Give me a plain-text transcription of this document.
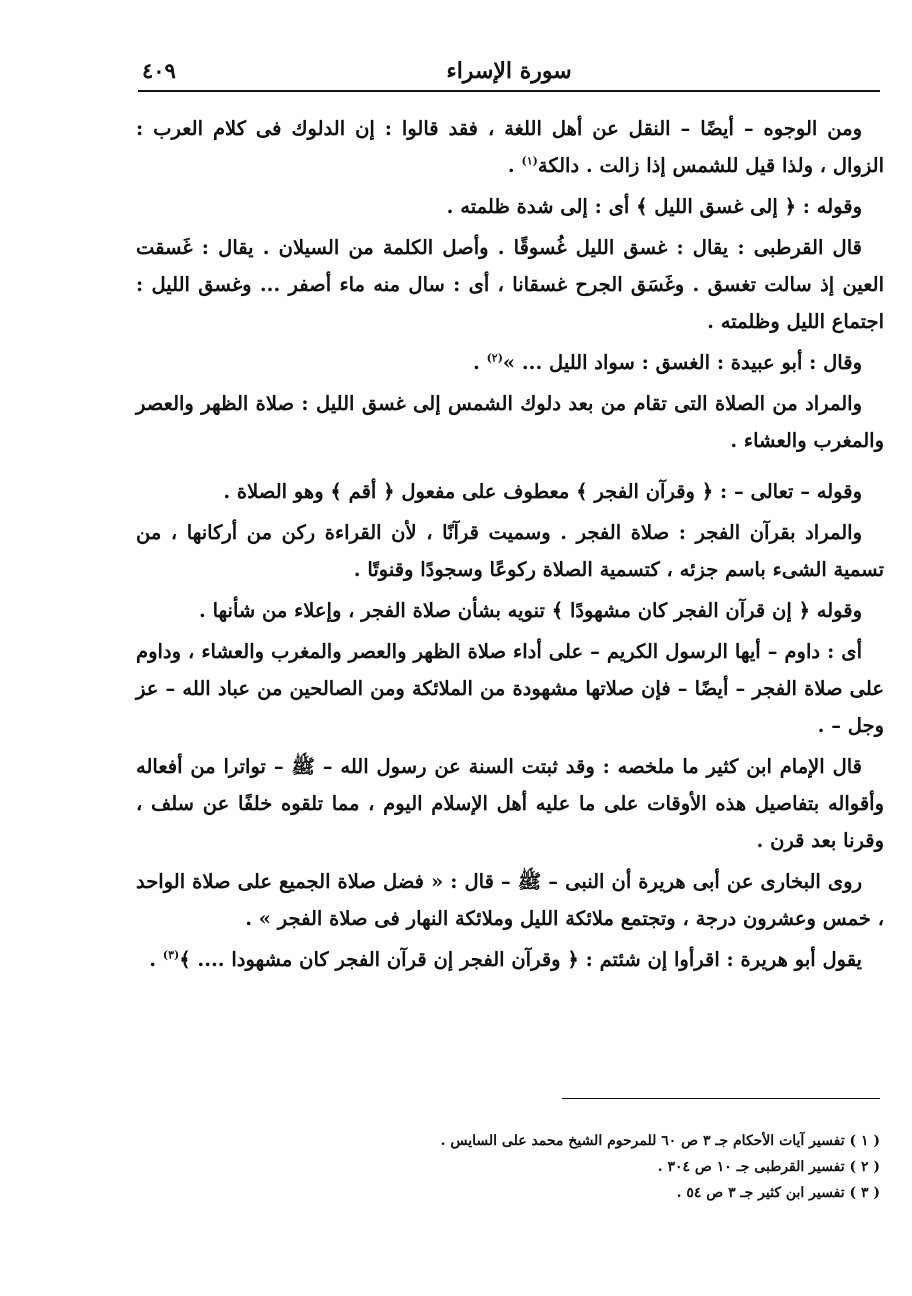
سورة الإسراء
٤٠٩

ومن الوجوه – أيضًا – النقل عن أهل اللغة ، فقد قالوا : إن الدلوك فى كلام العرب : الزوال ، ولذا قيل للشمس إذا زالت . دالكة$^{(١)}$ .

وقوله : ﴿ إلى غسق الليل ﴾ أى : إلى شدة ظلمته .

قال القرطبى : يقال : غسق الليل غُسوقًا . وأصل الكلمة من السيلان . يقال : غَسقت العين إذ سالت تغسق . وغَسَق الجرح غسقانا ، أى : سال منه ماء أصفر ... وغسق الليل : اجتماع الليل وظلمته .

وقال : أبو عبيدة : الغسق : سواد الليل ... »$^{(٢)}$ .

والمراد من الصلاة التى تقام من بعد دلوك الشمس إلى غسق الليل : صلاة الظهر والعصر والمغرب والعشاء .

وقوله – تعالى – : ﴿ وقرآن الفجر ﴾ معطوف على مفعول ﴿ أقم ﴾ وهو الصلاة .

والمراد بقرآن الفجر : صلاة الفجر . وسميت قرآنًا ، لأن القراءة ركن من أركانها ، من تسمية الشىء باسم جزئه ، كتسمية الصلاة ركوعًا وسجودًا وقنوتًا .

وقوله ﴿ إن قرآن الفجر كان مشهودًا ﴾ تنويه بشأن صلاة الفجر ، وإعلاء من شأنها .

أى : داوم – أيها الرسول الكريم – على أداء صلاة الظهر والعصر والمغرب والعشاء ، وداوم على صلاة الفجر – أيضًا – فإن صلاتها مشهودة من الملائكة ومن الصالحين من عباد الله – عز وجل – .

قال الإمام ابن كثير ما ملخصه : وقد ثبتت السنة عن رسول الله – ﷺ – تواترا من أفعاله وأقواله بتفاصيل هذه الأوقات على ما عليه أهل الإسلام اليوم ، مما تلقوه خلفًا عن سلف ، وقرنا بعد قرن .

روى البخارى عن أبى هريرة أن النبى – ﷺ – قال : « فضل صلاة الجميع على صلاة الواحد ، خمس وعشرون درجة ، وتجتمع ملائكة الليل وملائكة النهار فى صلاة الفجر » .

يقول أبو هريرة : اقرأوا إن شئتم : ﴿ وقرآن الفجر إن قرآن الفجر كان مشهودا .... ﴾$^{(٣)}$ .

( ١ ) تفسير آيات الأحكام جـ ٣ ص ٦٠ للمرحوم الشيخ محمد على السايس .
( ٢ ) تفسير القرطبى جـ ١٠ ص ٣٠٤ .
( ٣ ) تفسير ابن كثير جـ ٣ ص ٥٤ .
